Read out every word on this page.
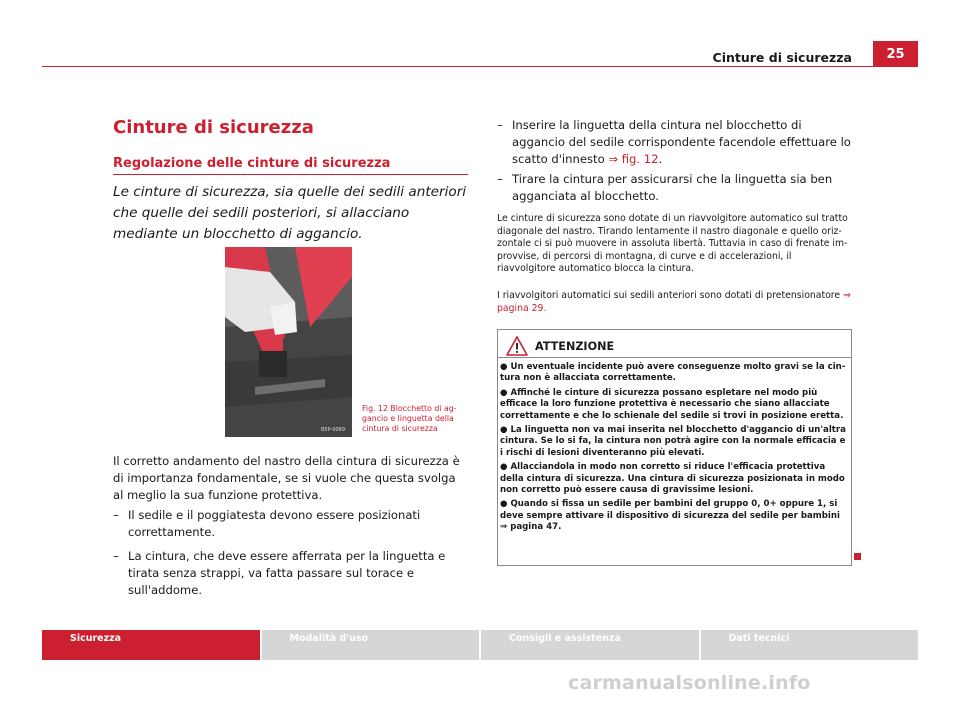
Cinture di sicurezza	25
Cinture di sicurezza
Regolazione delle cinture di sicurezza
Le cinture di sicurezza, sia quelle dei sedili anteriori che quelle dei sedili posteriori, si allacciano mediante un blocchetto di aggancio.
B5P-0069
Fig. 12 Blocchetto di aggancio e linguetta della cintura di sicurezza
Il corretto andamento del nastro della cintura di sicurezza è di importanza fondamentale, se si vuole che questa svolga al meglio la sua funzione protettiva.
– Il sedile e il poggiatesta devono essere posizionati correttamente.
– La cintura, che deve essere afferrata per la linguetta e tirata senza strappi, va fatta passare sul torace e sull'addome.
– Inserire la linguetta della cintura nel blocchetto di aggancio del sedile corrispondente facendole effettuare lo scatto d'innesto ⇒ fig. 12.
– Tirare la cintura per assicurarsi che la linguetta sia ben agganciata al blocchetto.
Le cinture di sicurezza sono dotate di un riavvolgitore automatico sul tratto diagonale del nastro. Tirando lentamente il nastro diagonale e quello orizzontale ci si può muovere in assoluta libertà. Tuttavia in caso di frenate improvvise, di percorsi di montagna, di curve e di accelerazioni, il riavvolgitore automatico blocca la cintura.
I riavvolgitori automatici sui sedili anteriori sono dotati di pretensionatore ⇒ pagina 29.
ATTENZIONE
● Un eventuale incidente può avere conseguenze molto gravi se la cintura non è allacciata correttamente.
● Affinché le cinture di sicurezza possano espletare nel modo più efficace la loro funzione protettiva è necessario che siano allacciate correttamente e che lo schienale del sedile si trovi in posizione eretta.
● La linguetta non va mai inserita nel blocchetto d'aggancio di un'altra cintura. Se lo si fa, la cintura non potrà agire con la normale efficacia e i rischi di lesioni diventeranno più elevati.
● Allacciandola in modo non corretto si riduce l'efficacia protettiva della cintura di sicurezza. Una cintura di sicurezza posizionata in modo non corretto può essere causa di gravissime lesioni.
● Quando si fissa un sedile per bambini del gruppo 0, 0+ oppure 1, si deve sempre attivare il dispositivo di sicurezza del sedile per bambini ⇒ pagina 47.
Sicurezza	Modalità d'uso	Consigli e assistenza	Dati tecnici
carmanualsonline.info
